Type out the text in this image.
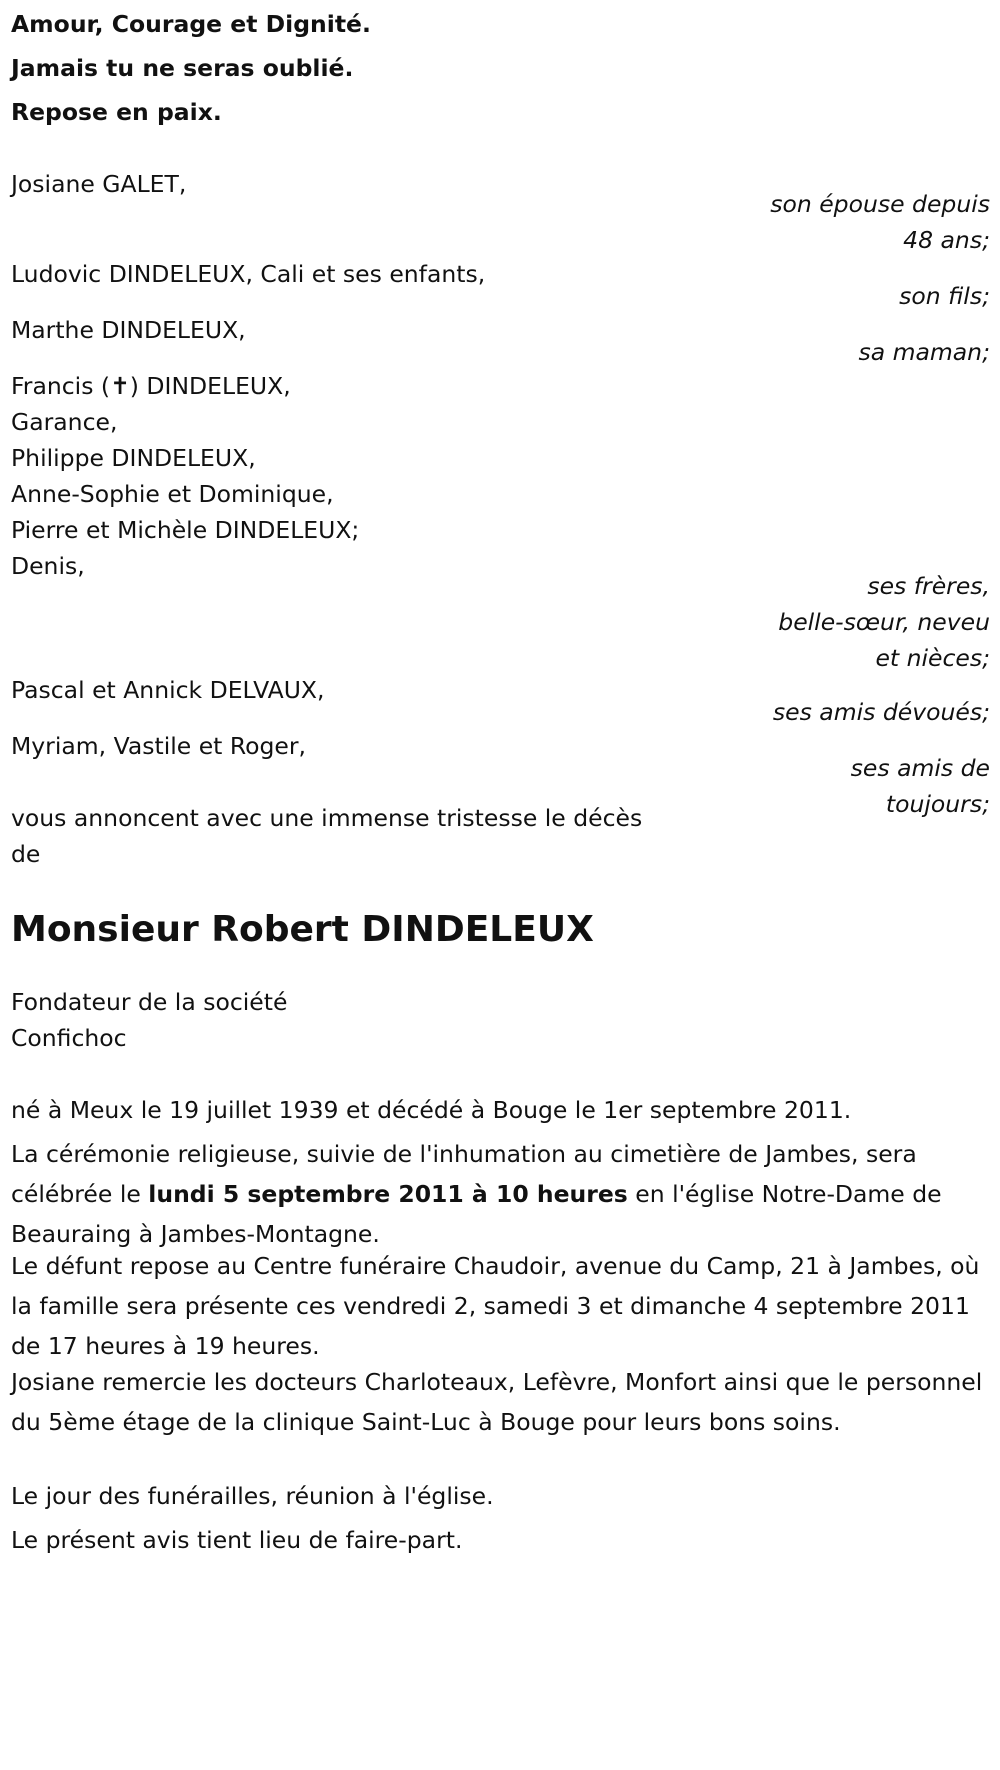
Amour, Courage et Dignité.
Jamais tu ne seras oublié.
Repose en paix.
Josiane GALET,
son épouse depuis
48 ans;
Ludovic DINDELEUX, Cali et ses enfants,
son fils;
Marthe DINDELEUX,
sa maman;
Francis (✝) DINDELEUX,
Garance,
Philippe DINDELEUX,
Anne-Sophie et Dominique,
Pierre et Michèle DINDELEUX;
Denis,
ses frères,
belle-sœur, neveu
et nièces;
Pascal et Annick DELVAUX,
ses amis dévoués;
Myriam, Vastile et Roger,
ses amis de
toujours;
vous annoncent avec une immense tristesse le décès
de
Monsieur Robert DINDELEUX
Fondateur de la société
Confichoc
né à Meux le 19 juillet 1939 et décédé à Bouge le 1er septembre 2011.
La cérémonie religieuse, suivie de l'inhumation au cimetière de Jambes, sera célébrée le lundi 5 septembre 2011 à 10 heures en l'église Notre-Dame de Beauraing à Jambes-Montagne.
Le défunt repose au Centre funéraire Chaudoir, avenue du Camp, 21 à Jambes, où la famille sera présente ces vendredi 2, samedi 3 et dimanche 4 septembre 2011 de 17 heures à 19 heures.
Josiane remercie les docteurs Charloteaux, Lefèvre, Monfort ainsi que le personnel du 5ème étage de la clinique Saint-Luc à Bouge pour leurs bons soins.
Le jour des funérailles, réunion à l'église.
Le présent avis tient lieu de faire-part.
